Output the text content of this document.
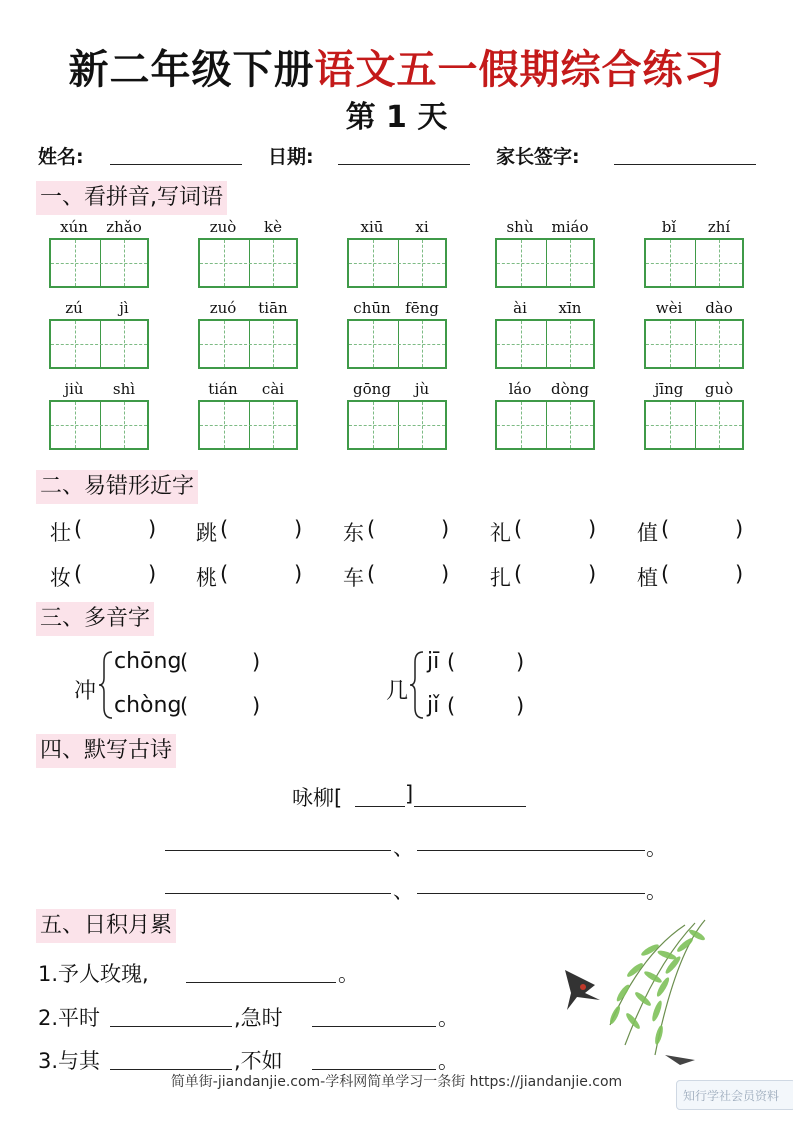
新二年级下册语文五一假期综合练习
第 1 天
姓名:	日期:	家长签字:
一、看拼音,写词语
xún	zhǎo	zuò	kè	xiū	xi	shù	miáo	bǐ	zhí
zú	jì	zuó	tiān	chūn fēng	ài	xīn	wèi	dào
jiù	shì	tián	cài	gōng	jù	láo	dòng	jīng	guò
二、易错形近字
壮 (	) 跳 (	) 东 (	) 礼 (	) 值 (	)
妆 (	) 桃 (	) 车 (	) 扎 (	) 植 (	)
三、多音字
冲
chōng
(	)
chòng
(	)
几
jī (	)
jǐ (	)
四、默写古诗
咏柳[	]
、	。
、	。
五、日积月累
1.予人玫瑰,	。
2.平时	,急时	。
3.与其	,不如	。
简单街-jiandanjie.com-学科网简单学习一条街 https://jiandanjie.com
知行学社会员资料
